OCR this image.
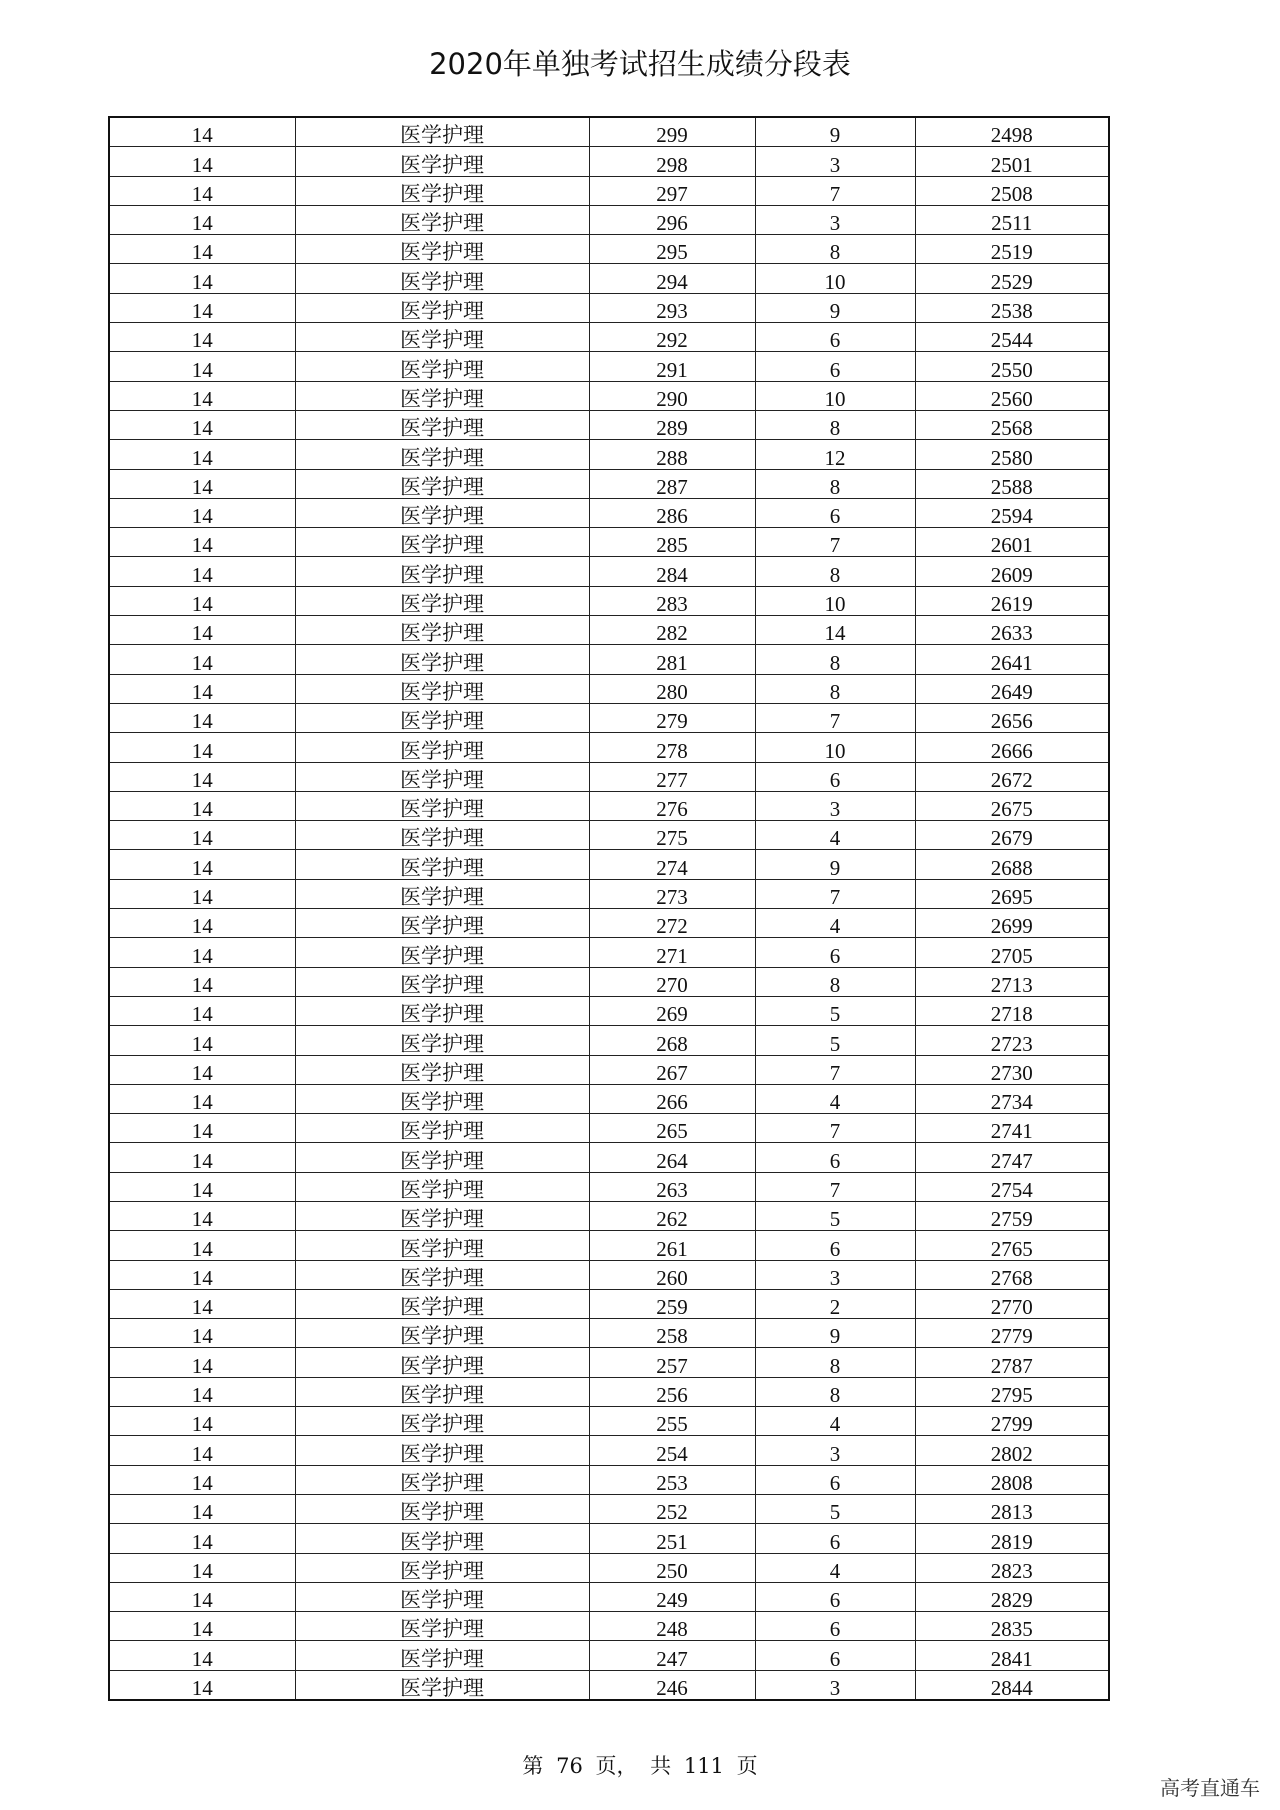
2020年单独考试招生成绩分段表
14	医学护理	299	9	2498
14	医学护理	298	3	2501
14	医学护理	297	7	2508
14	医学护理	296	3	2511
14	医学护理	295	8	2519
14	医学护理	294	10	2529
14	医学护理	293	9	2538
14	医学护理	292	6	2544
14	医学护理	291	6	2550
14	医学护理	290	10	2560
14	医学护理	289	8	2568
14	医学护理	288	12	2580
14	医学护理	287	8	2588
14	医学护理	286	6	2594
14	医学护理	285	7	2601
14	医学护理	284	8	2609
14	医学护理	283	10	2619
14	医学护理	282	14	2633
14	医学护理	281	8	2641
14	医学护理	280	8	2649
14	医学护理	279	7	2656
14	医学护理	278	10	2666
14	医学护理	277	6	2672
14	医学护理	276	3	2675
14	医学护理	275	4	2679
14	医学护理	274	9	2688
14	医学护理	273	7	2695
14	医学护理	272	4	2699
14	医学护理	271	6	2705
14	医学护理	270	8	2713
14	医学护理	269	5	2718
14	医学护理	268	5	2723
14	医学护理	267	7	2730
14	医学护理	266	4	2734
14	医学护理	265	7	2741
14	医学护理	264	6	2747
14	医学护理	263	7	2754
14	医学护理	262	5	2759
14	医学护理	261	6	2765
14	医学护理	260	3	2768
14	医学护理	259	2	2770
14	医学护理	258	9	2779
14	医学护理	257	8	2787
14	医学护理	256	8	2795
14	医学护理	255	4	2799
14	医学护理	254	3	2802
14	医学护理	253	6	2808
14	医学护理	252	5	2813
14	医学护理	251	6	2819
14	医学护理	250	4	2823
14	医学护理	249	6	2829
14	医学护理	248	6	2835
14	医学护理	247	6	2841
14	医学护理	246	3	2844
第 76 页， 共 111 页
高考直通车
